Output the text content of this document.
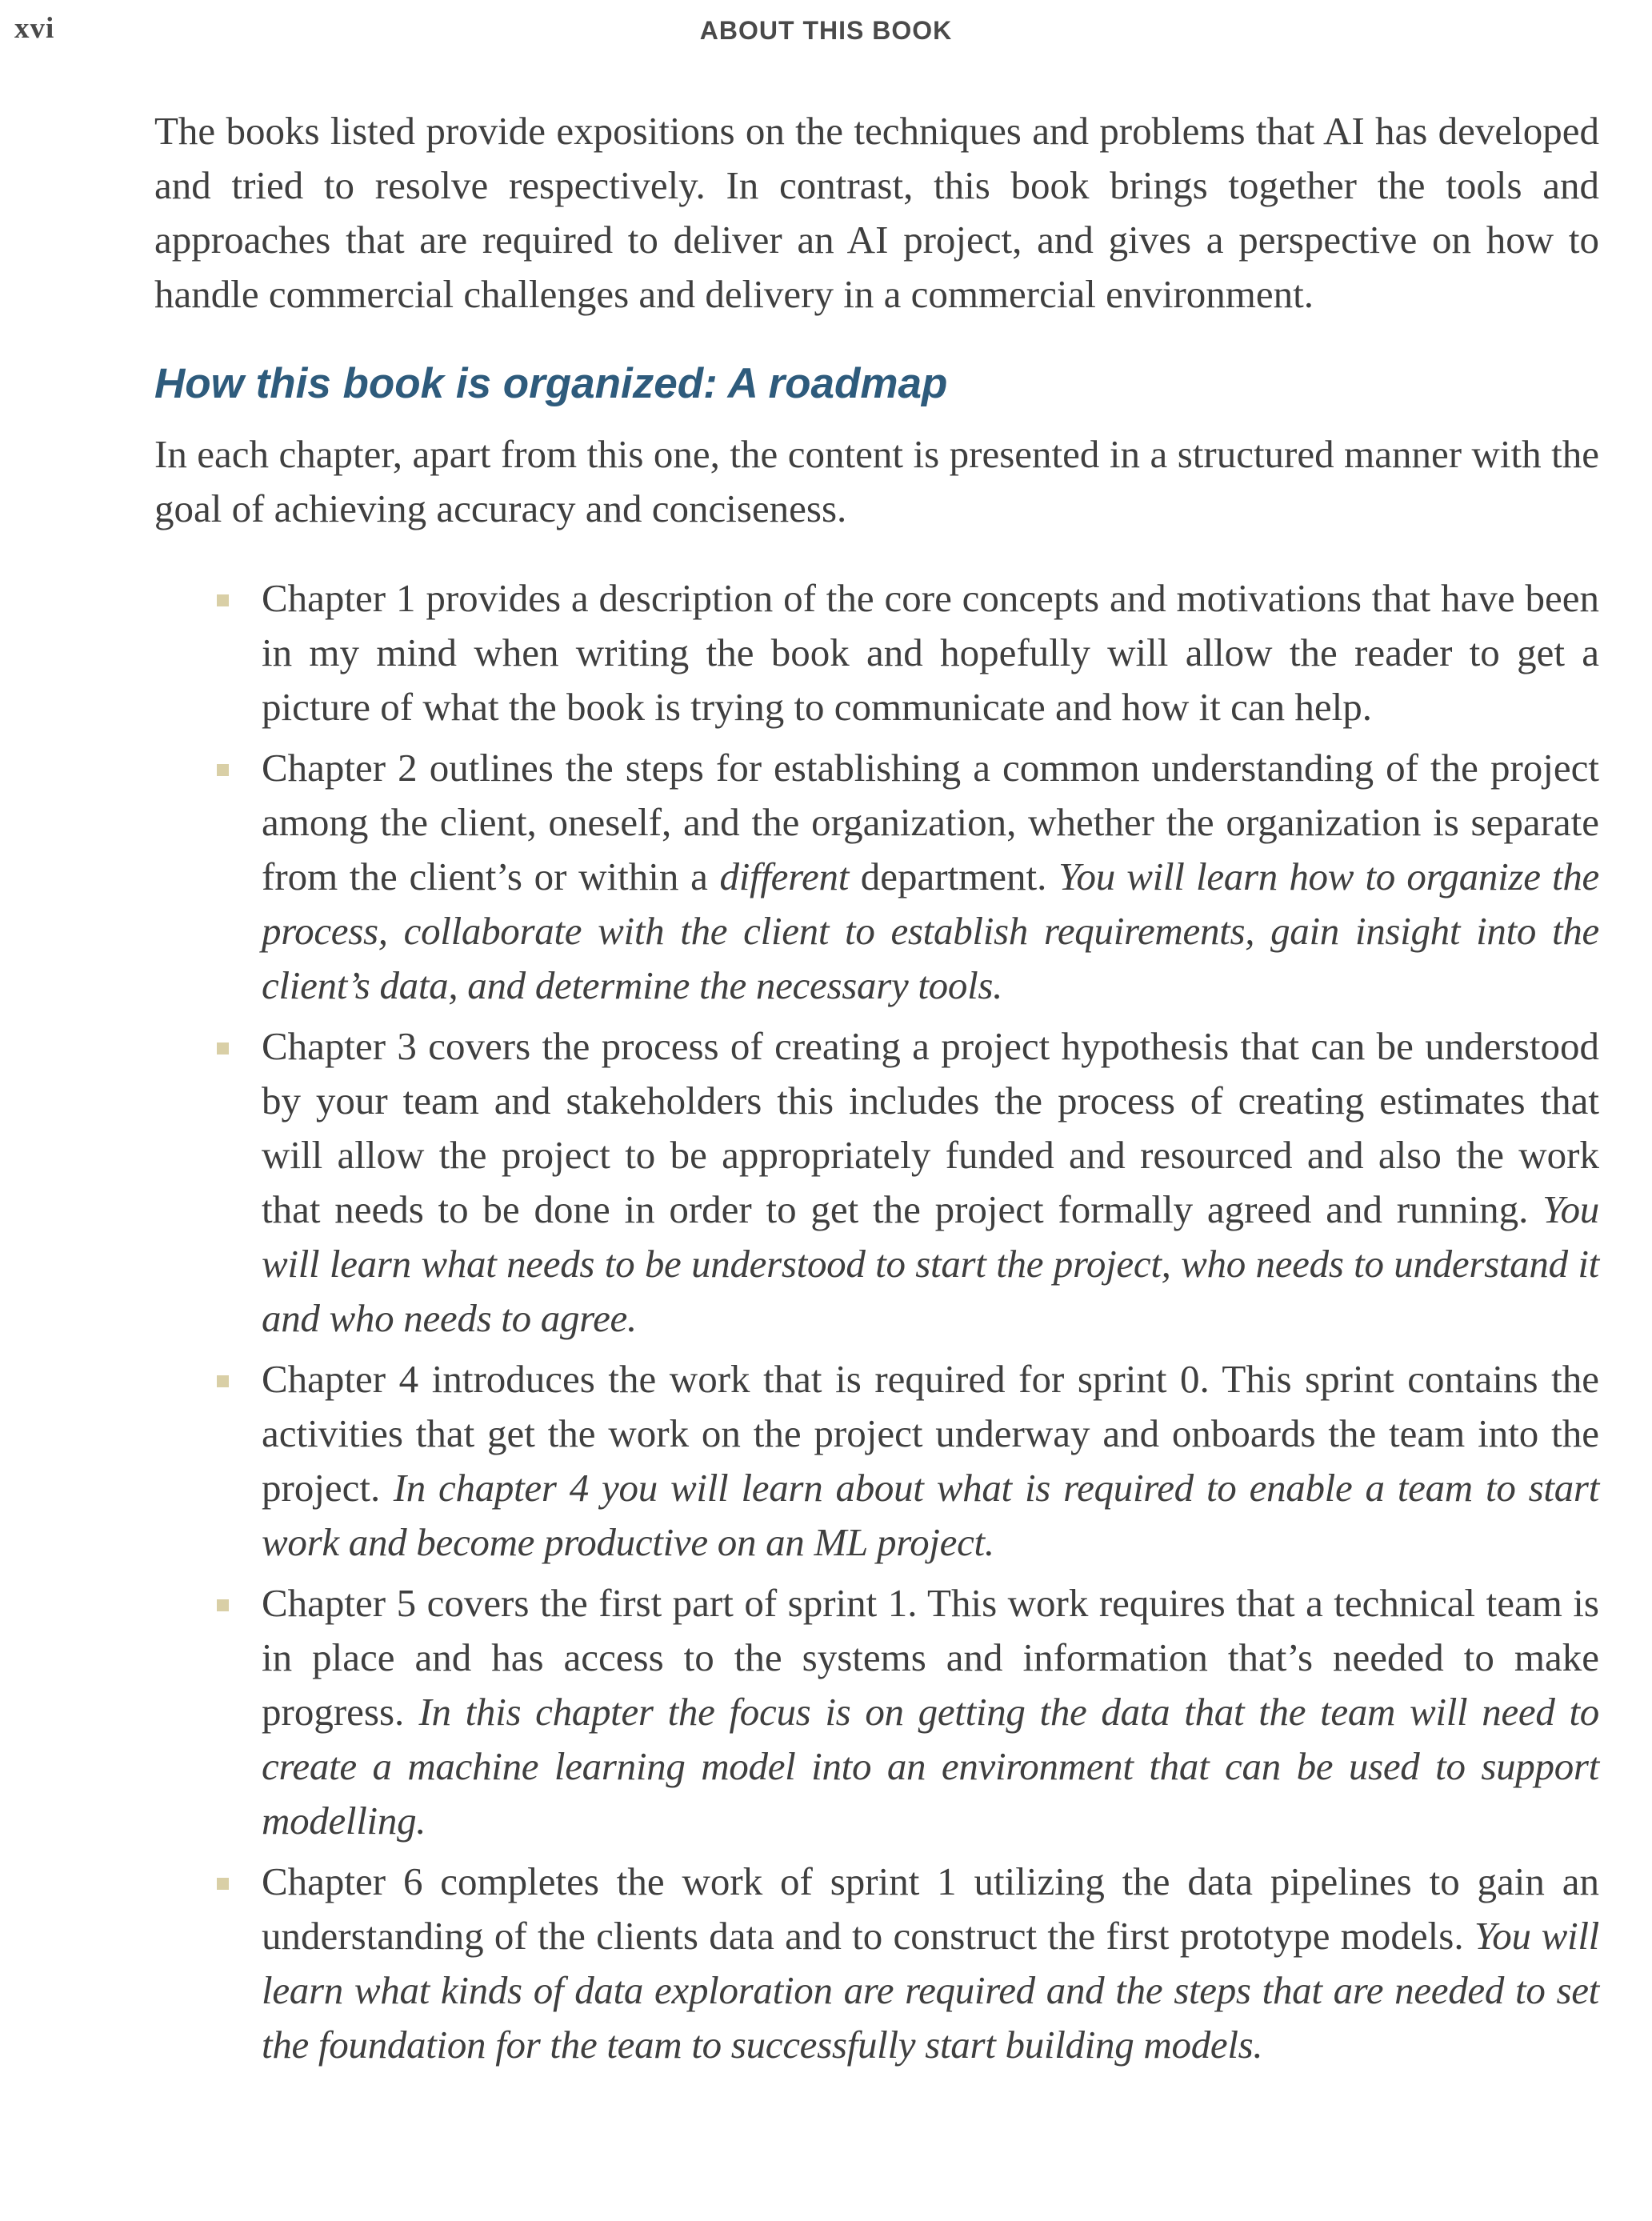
xvi	ABOUT THIS BOOK

The books listed provide expositions on the techniques and problems that AI has developed and tried to resolve respectively. In contrast, this book brings together the tools and approaches that are required to deliver an AI project, and gives a perspective on how to handle commercial challenges and delivery in a commercial environment.

How this book is organized: A roadmap

In each chapter, apart from this one, the content is presented in a structured manner with the goal of achieving accuracy and conciseness.

Chapter 1 provides a description of the core concepts and motivations that have been in my mind when writing the book and hopefully will allow the reader to get a picture of what the book is trying to communicate and how it can help.

Chapter 2 outlines the steps for establishing a common understanding of the project among the client, oneself, and the organization, whether the organization is separate from the client’s or within a different department. You will learn how to organize the process, collaborate with the client to establish requirements, gain insight into the client’s data, and determine the necessary tools.

Chapter 3 covers the process of creating a project hypothesis that can be understood by your team and stakeholders this includes the process of creating estimates that will allow the project to be appropriately funded and resourced and also the work that needs to be done in order to get the project formally agreed and running. You will learn what needs to be understood to start the project, who needs to understand it and who needs to agree.

Chapter 4 introduces the work that is required for sprint 0. This sprint contains the activities that get the work on the project underway and onboards the team into the project. In chapter 4 you will learn about what is required to enable a team to start work and become productive on an ML project.

Chapter 5 covers the first part of sprint 1. This work requires that a technical team is in place and has access to the systems and information that’s needed to make progress. In this chapter the focus is on getting the data that the team will need to create a machine learning model into an environment that can be used to support modelling.

Chapter 6 completes the work of sprint 1 utilizing the data pipelines to gain an understanding of the clients data and to construct the first prototype models. You will learn what kinds of data exploration are required and the steps that are needed to set the foundation for the team to successfully start building models.
